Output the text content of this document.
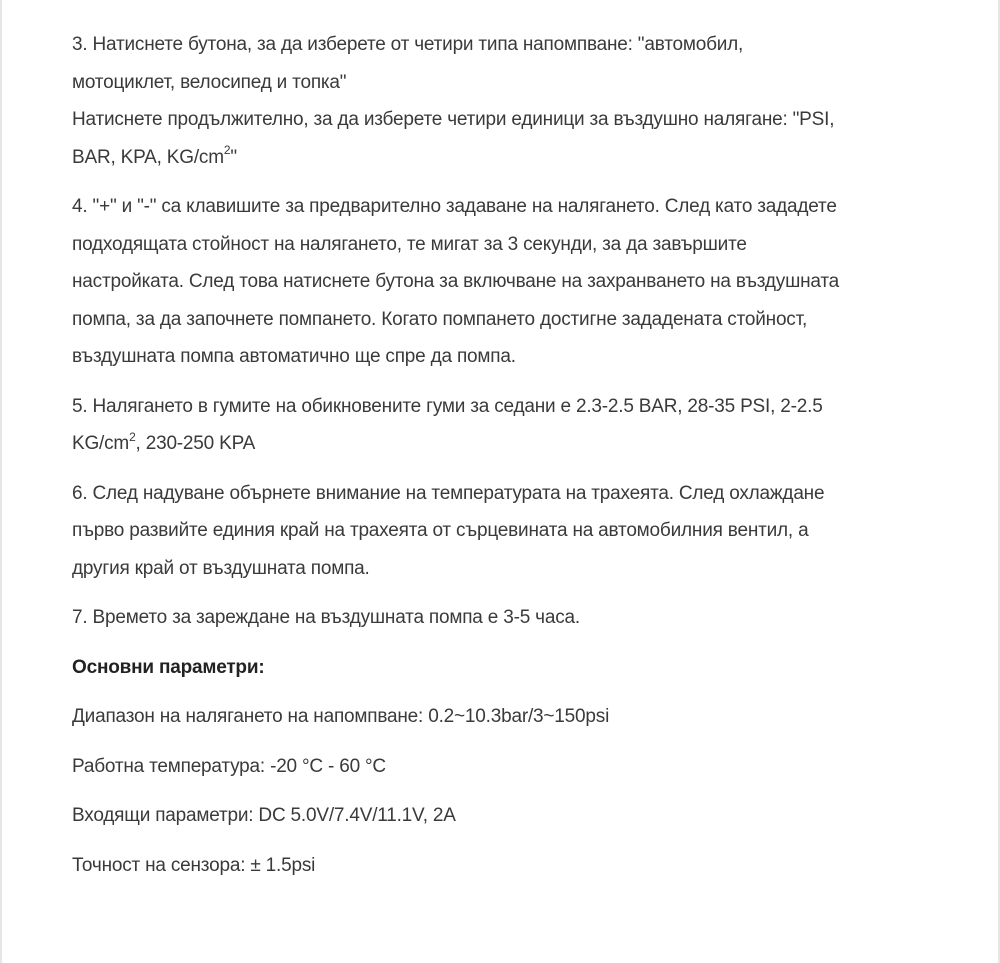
3. Натиснете бутона, за да изберете от четири типа напомпване: "автомобил,
мотоциклет, велосипед и топка"
Натиснете продължително, за да изберете четири единици за въздушно налягане: "PSI,
BAR, KPA, $KG/cm^2$"
4. "+" и "-" са клавишите за предварително задаване на налягането. След като зададете
подходящата стойност на налягането, те мигат за 3 секунди, за да завършите
настройката. След това натиснете бутона за включване на захранването на въздушната
помпа, за да започнете помпането. Когато помпането достигне зададената стойност,
въздушната помпа автоматично ще спре да помпа.
5. Налягането в гумите на обикновените гуми за седани е 2.3-2.5 BAR, 28-35 PSI, 2-2.5
$KG/cm^2$, 230-250 KPA
6. След надуване обърнете внимание на температурата на трахеята. След охлаждане
първо развийте единия край на трахеята от сърцевината на автомобилния вентил, а
другия край от въздушната помпа.
7. Времето за зареждане на въздушната помпа е 3-5 часа.
Основни параметри:
Диапазон на налягането на напомпване: 0.2~10.3bar/3~150psi
Работна температура: -20 °C - 60 °C
Входящи параметри: DC 5.0V/7.4V/11.1V, 2A
Точност на сензора: ± 1.5psi
